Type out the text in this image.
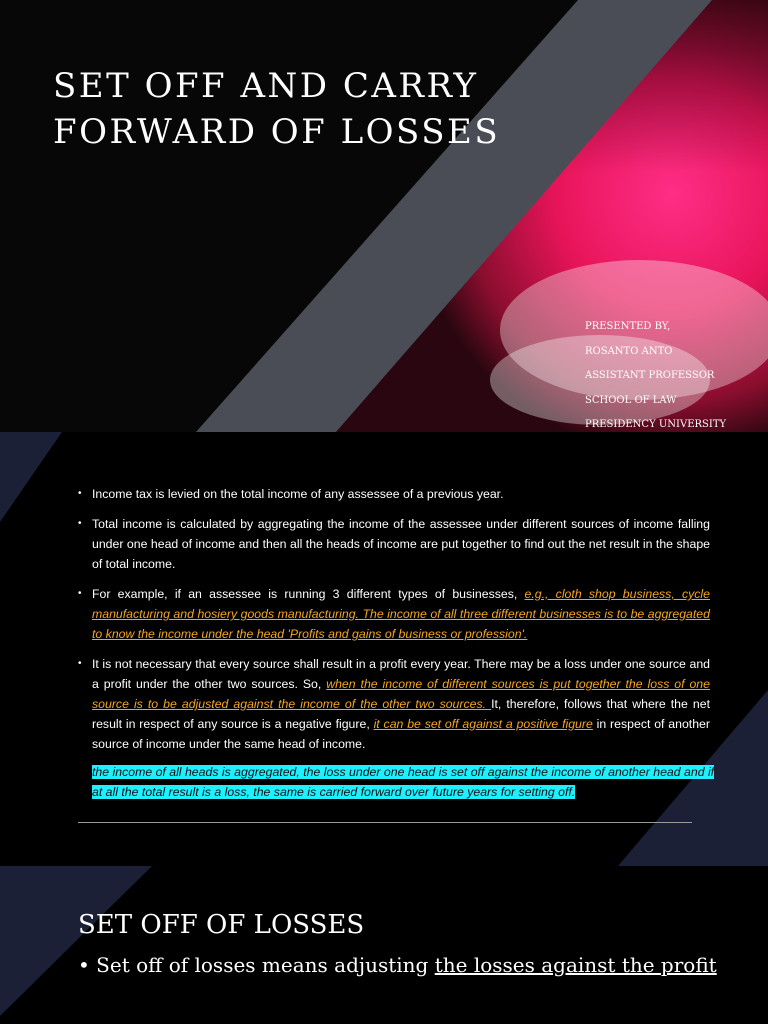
SET OFF AND CARRY
FORWARD OF LOSSES
PRESENTED BY,
ROSANTO ANTO
ASSISTANT PROFESSOR
SCHOOL OF LAW
PRESIDENCY UNIVERSITY
• Income tax is levied on the total income of any assessee of a previous year.
• Total income is calculated by aggregating the income of the assessee under different sources of income falling under one head of income and then all the heads of income are put together to find out the net result in the shape of total income.
• For example, if an assessee is running 3 different types of businesses, e.g., cloth shop business, cycle manufacturing and hosiery goods manufacturing. The income of all three different businesses is to be aggregated to know the income under the head 'Profits and gains of business or profession'.
• It is not necessary that every source shall result in a profit every year. There may be a loss under one source and a profit under the other two sources. So, when the income of different sources is put together the loss of one source is to be adjusted against the income of the other two sources. It, therefore, follows that where the net result in respect of any source is a negative figure, it can be set off against a positive figure in respect of another source of income under the same head of income.
the income of all heads is aggregated, the loss under one head is set off against the income of another head and if at all the total result is a loss, the same is carried forward over future years for setting off.
SET OFF OF LOSSES

• Set off of losses means adjusting the losses against the profit
